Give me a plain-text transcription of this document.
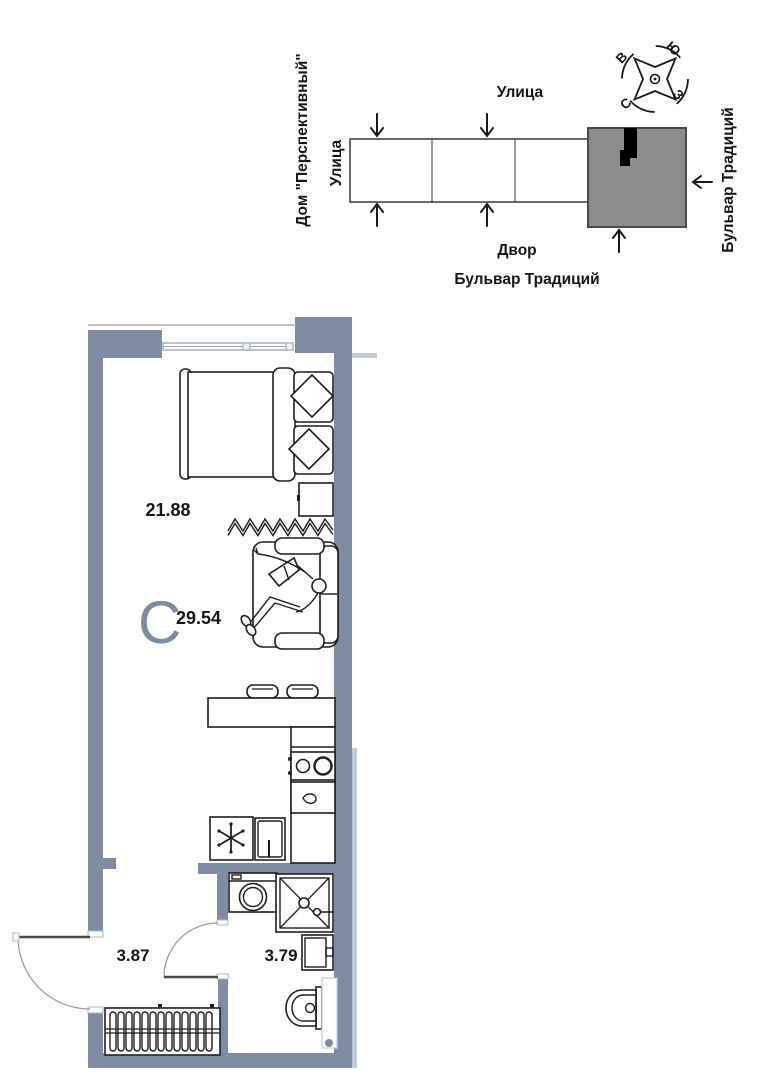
В Ю
С
З
Улица
Дом "Перспективный" Улица	Бульвар Традиций
Двор
Бульвар Традиций
21.88
С
29.54
3.87	3.79
